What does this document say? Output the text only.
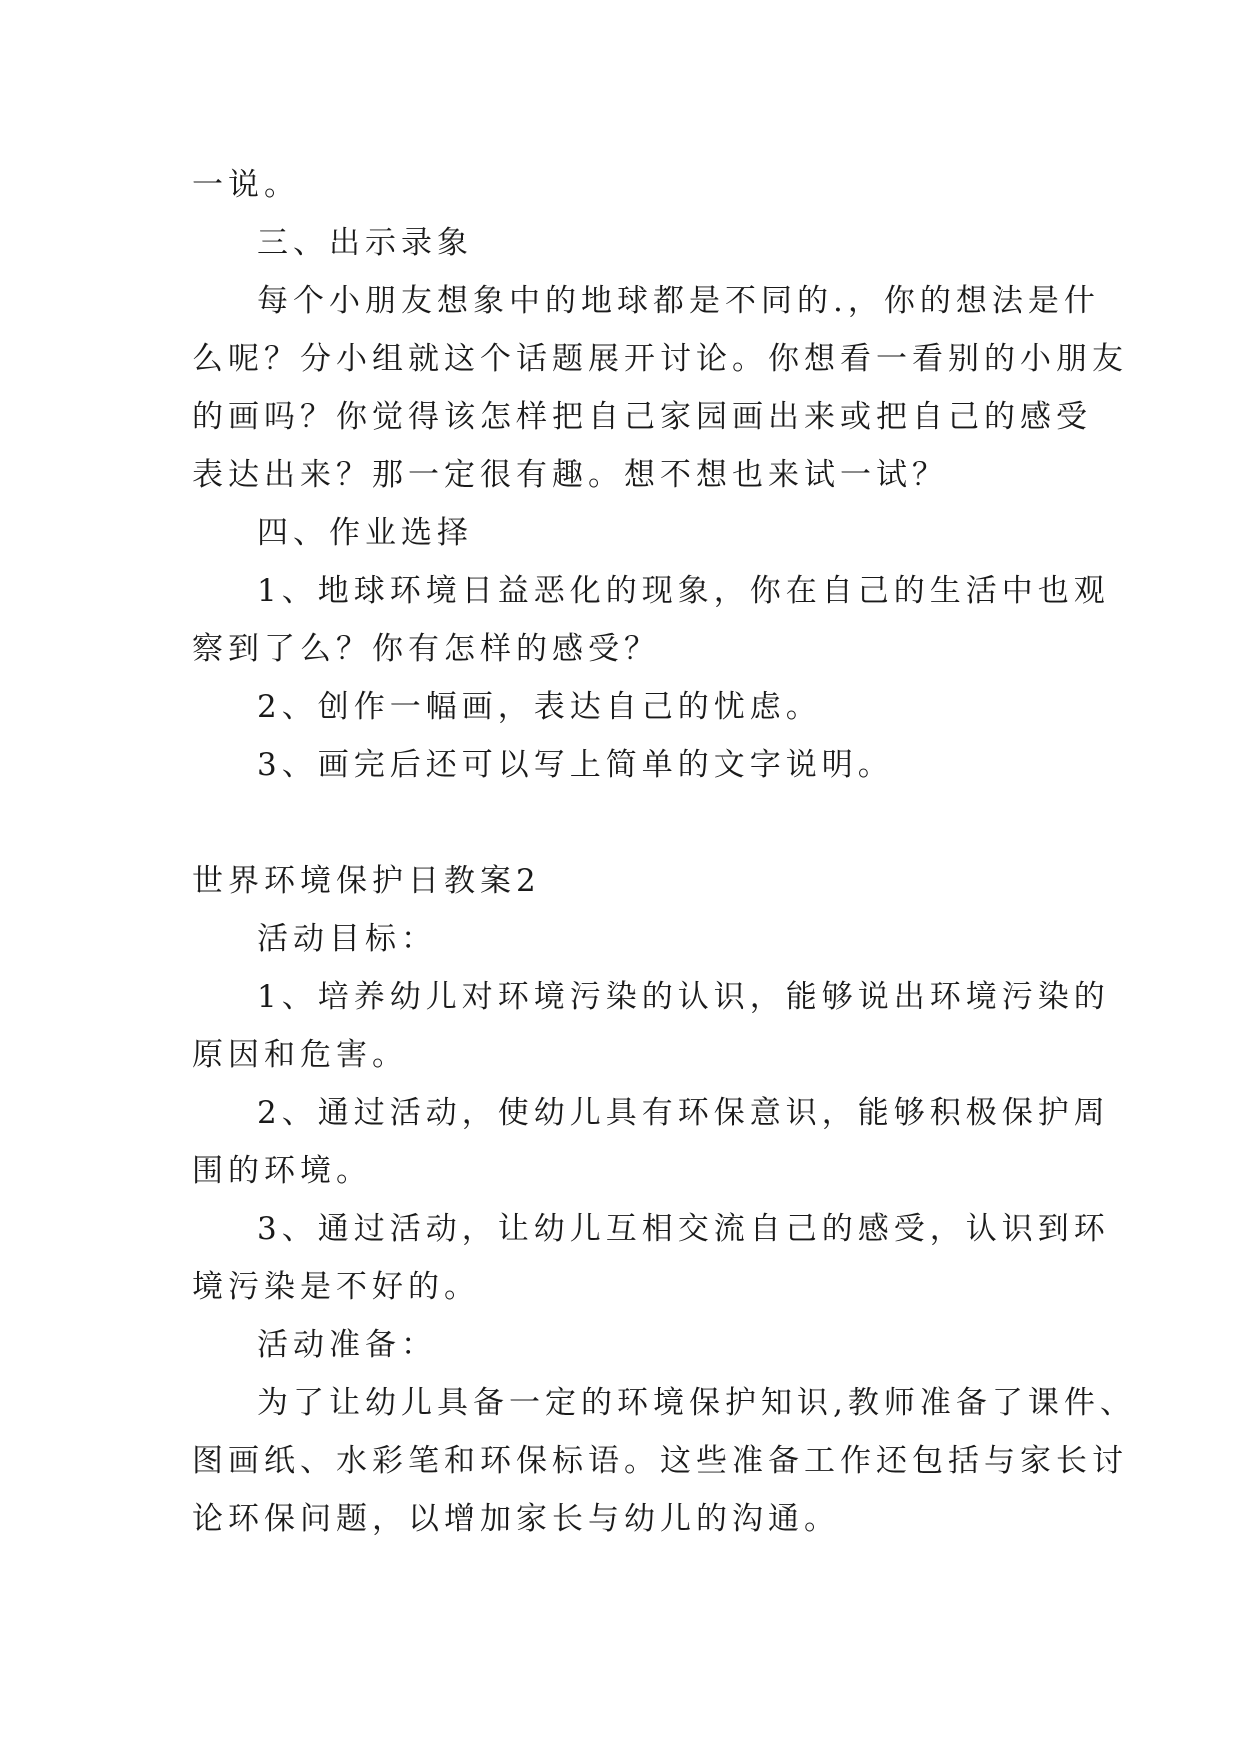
一说。
三、出示录象
每个小朋友想象中的地球都是不同的.，你的想法是什
么呢？分小组就这个话题展开讨论。你想看一看别的小朋友
的画吗？你觉得该怎样把自己家园画出来或把自己的感受
表达出来？那一定很有趣。想不想也来试一试？
四、作业选择
1、地球环境日益恶化的现象，你在自己的生活中也观
察到了么？你有怎样的感受？
2、创作一幅画，表达自己的忧虑。
3、画完后还可以写上简单的文字说明。
世界环境保护日教案2
活动目标：
1、培养幼儿对环境污染的认识，能够说出环境污染的
原因和危害。
2、通过活动，使幼儿具有环保意识，能够积极保护周
围的环境。
3、通过活动，让幼儿互相交流自己的感受，认识到环
境污染是不好的。
活动准备：
为了让幼儿具备一定的环境保护知识,教师准备了课件、
图画纸、水彩笔和环保标语。这些准备工作还包括与家长讨
论环保问题，以增加家长与幼儿的沟通。
